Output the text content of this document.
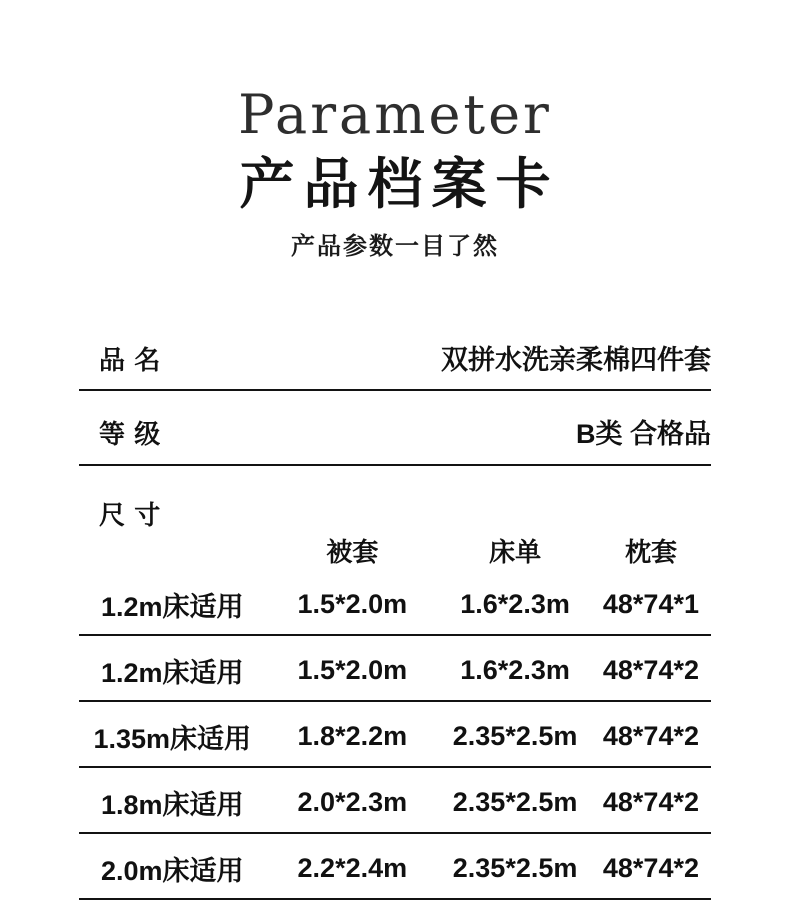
Parameter
产品档案卡
产品参数一目了然
品 名	双拼水洗亲柔棉四件套
等 级	B类 合格品
尺 寸
被套	床单	枕套
1.2m床适用	1.5*2.0m	1.6*2.3m	48*74*1
1.2m床适用	1.5*2.0m	1.6*2.3m	48*74*2
1.35m床适用	1.8*2.2m	2.35*2.5m 48*74*2
1.8m床适用	2.0*2.3m	2.35*2.5m 48*74*2
2.0m床适用	2.2*2.4m	2.35*2.5m 48*74*2
